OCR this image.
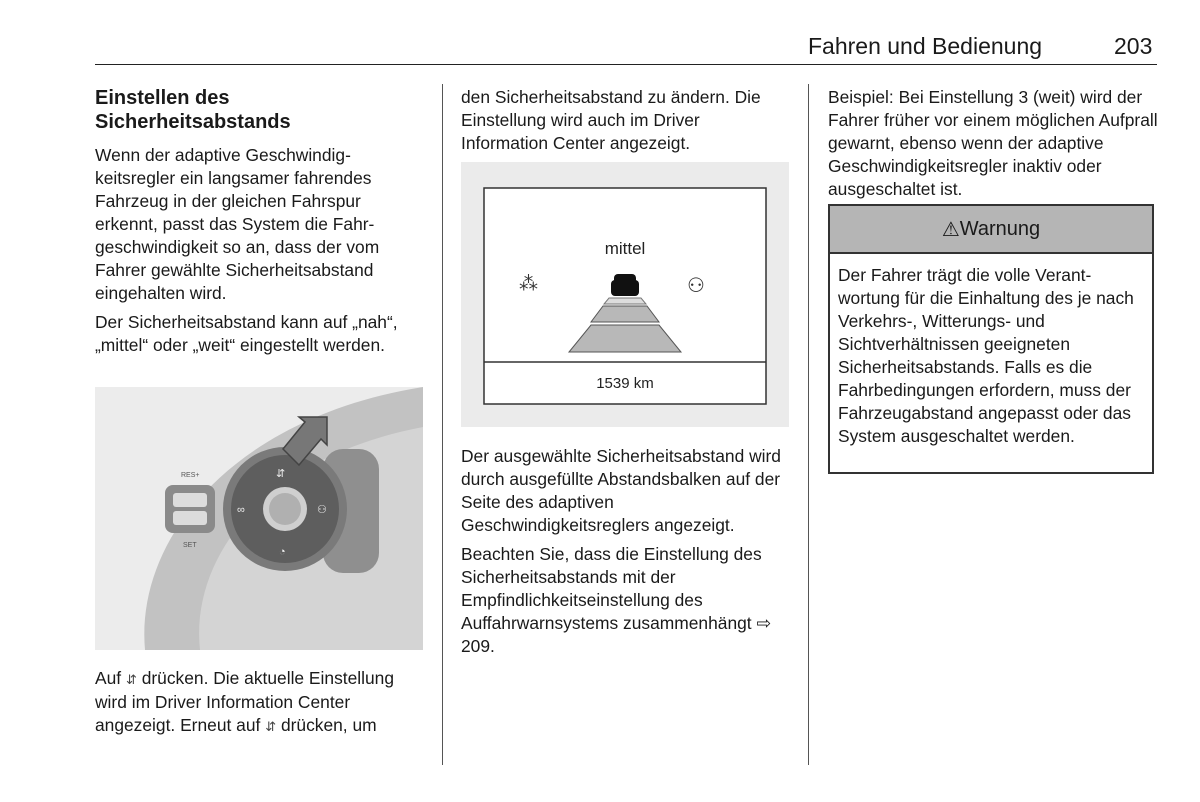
Fahren und Bedienung	203
Einstellen des Sicherheitsabstands

Wenn der adaptive Geschwindigkeitsregler ein langsamer fahrendes Fahrzeug in der gleichen Fahrspur erkennt, passt das System die Fahrgeschwindigkeit so an, dass der vom Fahrer gewählte Sicherheitsabstand eingehalten wird.

Der Sicherheitsabstand kann auf „nah“, „mittel“ oder „weit“ eingestellt werden.

RES+
SET
⇵
∞	⚇
◔

Auf ⇵ drücken. Die aktuelle Einstellung wird im Driver Information Center angezeigt. Erneut auf ⇵ drücken, um

den Sicherheitsabstand zu ändern. Die Einstellung wird auch im Driver Information Center angezeigt.

mittel
⁂	⚇
1539 km

Der ausgewählte Sicherheitsabstand wird durch ausgefüllte Abstandsbalken auf der Seite des adaptiven Geschwindigkeitsreglers angezeigt.

Beachten Sie, dass die Einstellung des Sicherheitsabstands mit der Empfindlichkeitseinstellung des Auffahrwarnsystems zusammenhängt ⇨ 209.

Beispiel: Bei Einstellung 3 (weit) wird der Fahrer früher vor einem möglichen Aufprall gewarnt, ebenso wenn der adaptive Geschwindigkeitsregler inaktiv oder ausgeschaltet ist.

⚠ Warnung
Der Fahrer trägt die volle Verantwortung für die Einhaltung des je nach Verkehrs-, Witterungs- und Sichtverhältnissen geeigneten Sicherheitsabstands. Falls es die Fahrbedingungen erfordern, muss der Fahrzeugabstand angepasst oder das System ausgeschaltet werden.
